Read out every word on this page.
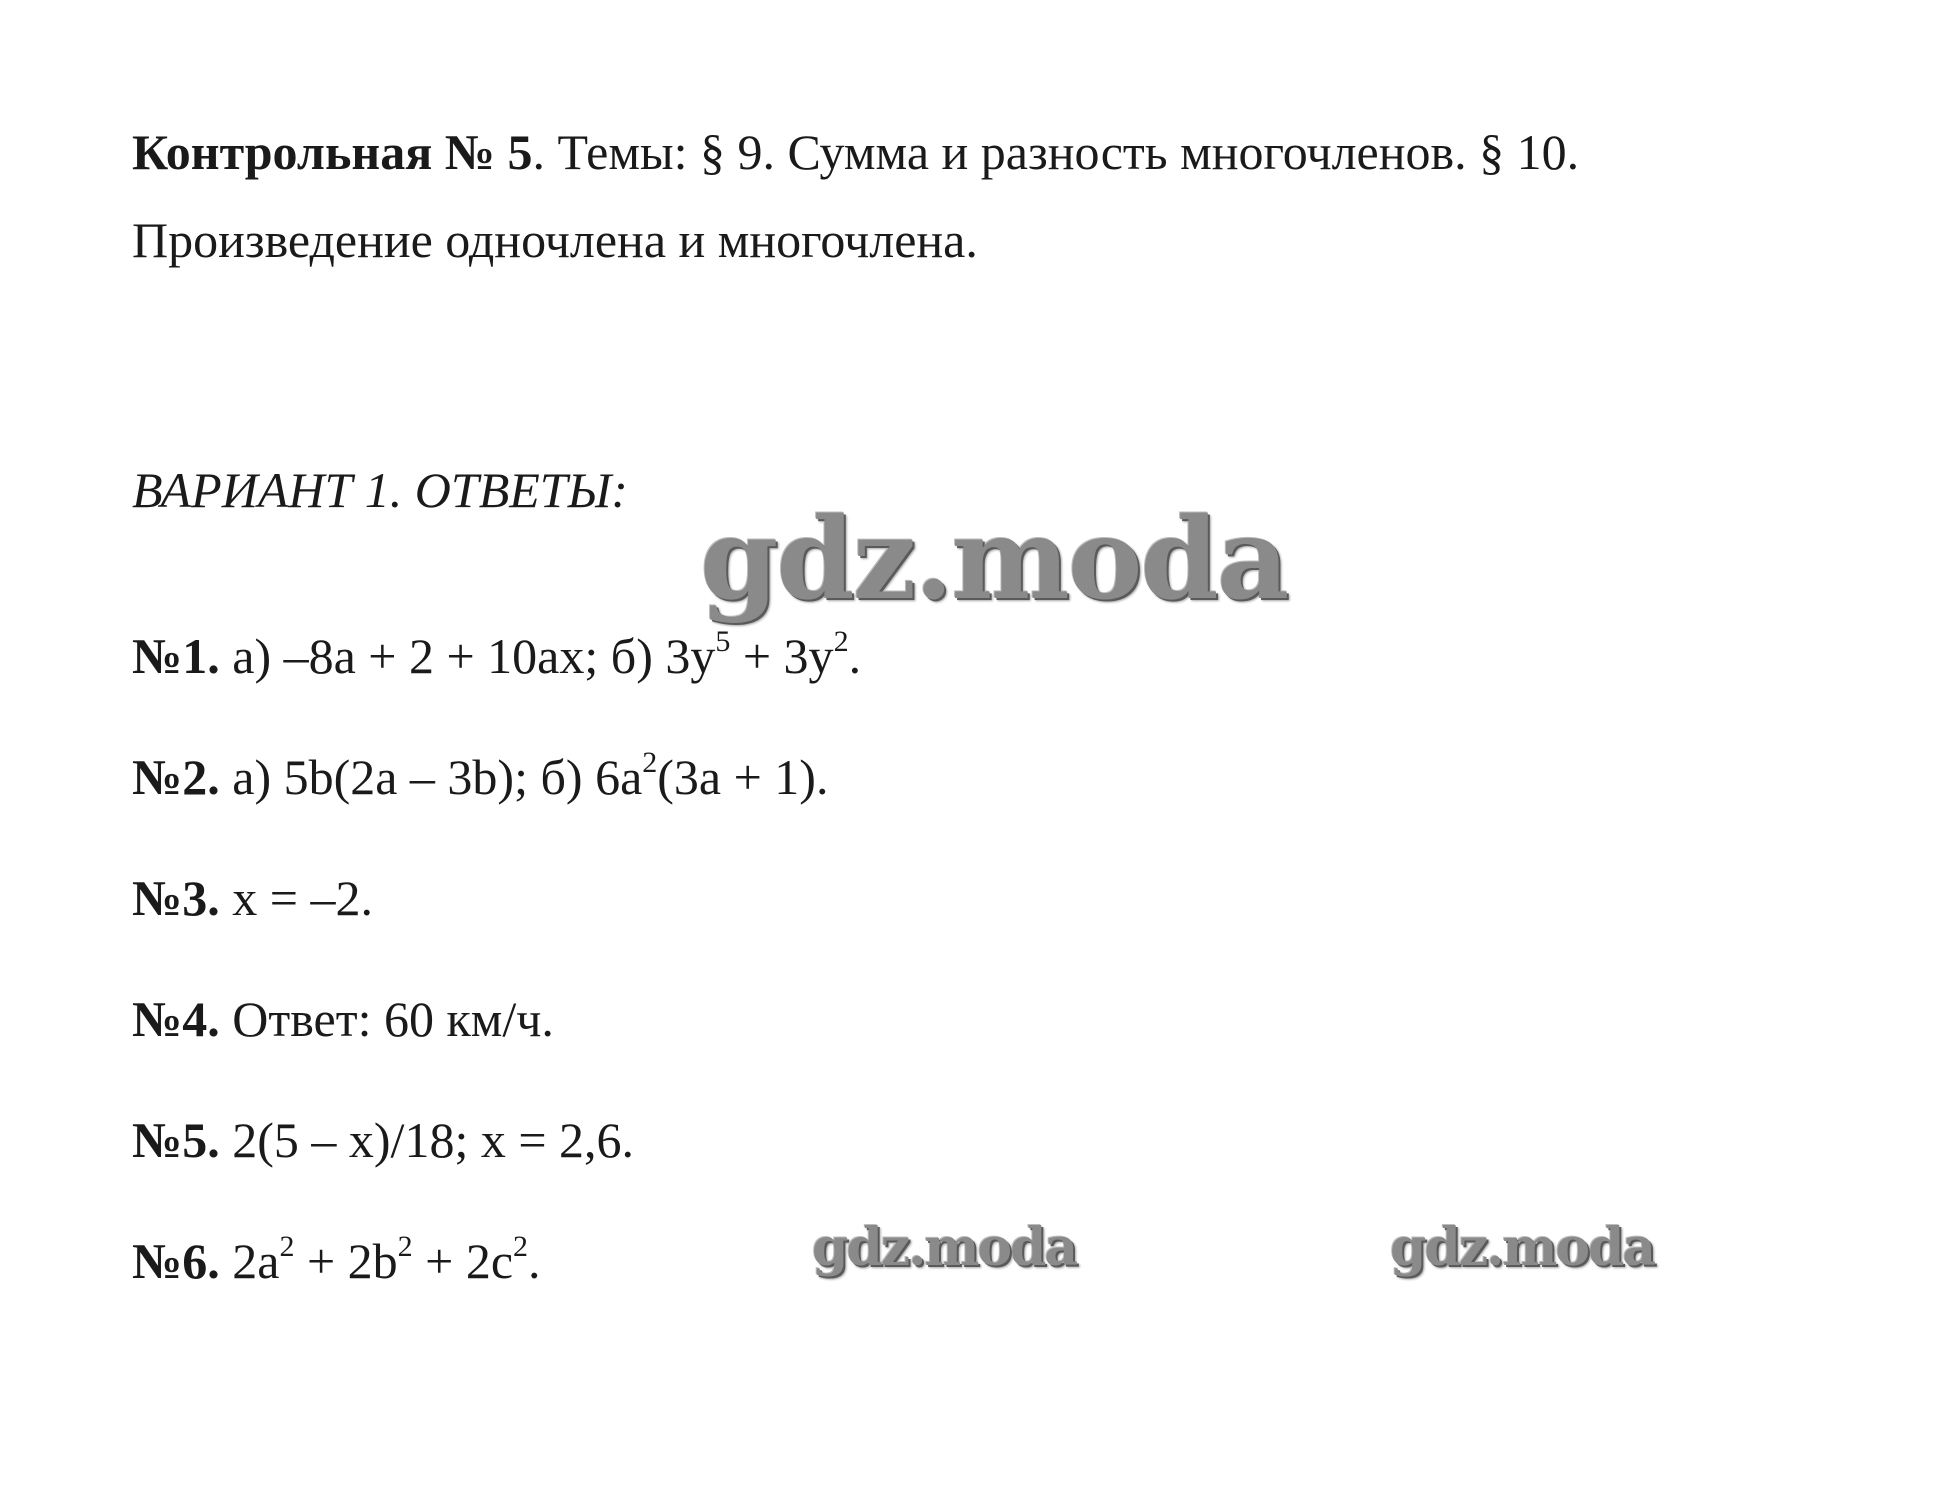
Контрольная № 5. Темы: § 9. Сумма и разность многочленов. § 10. Произведение одночлена и многочлена.

ВАРИАНТ 1. ОТВЕТЫ:

№1. а) –8а + 2 + 10ах; б) $3у^5 + 3у^2$.

№2. а) 5b(2a – 3b); б) $6a^2(3a + 1)$.

№3. x = –2.

№4. Ответ: 60 км/ч.

№5. 2(5 – x)/18; x = 2,6.

№6. $2a^2 + 2b^2 + 2c^2$.

gdz.moda
gdz.moda	gdz.moda
